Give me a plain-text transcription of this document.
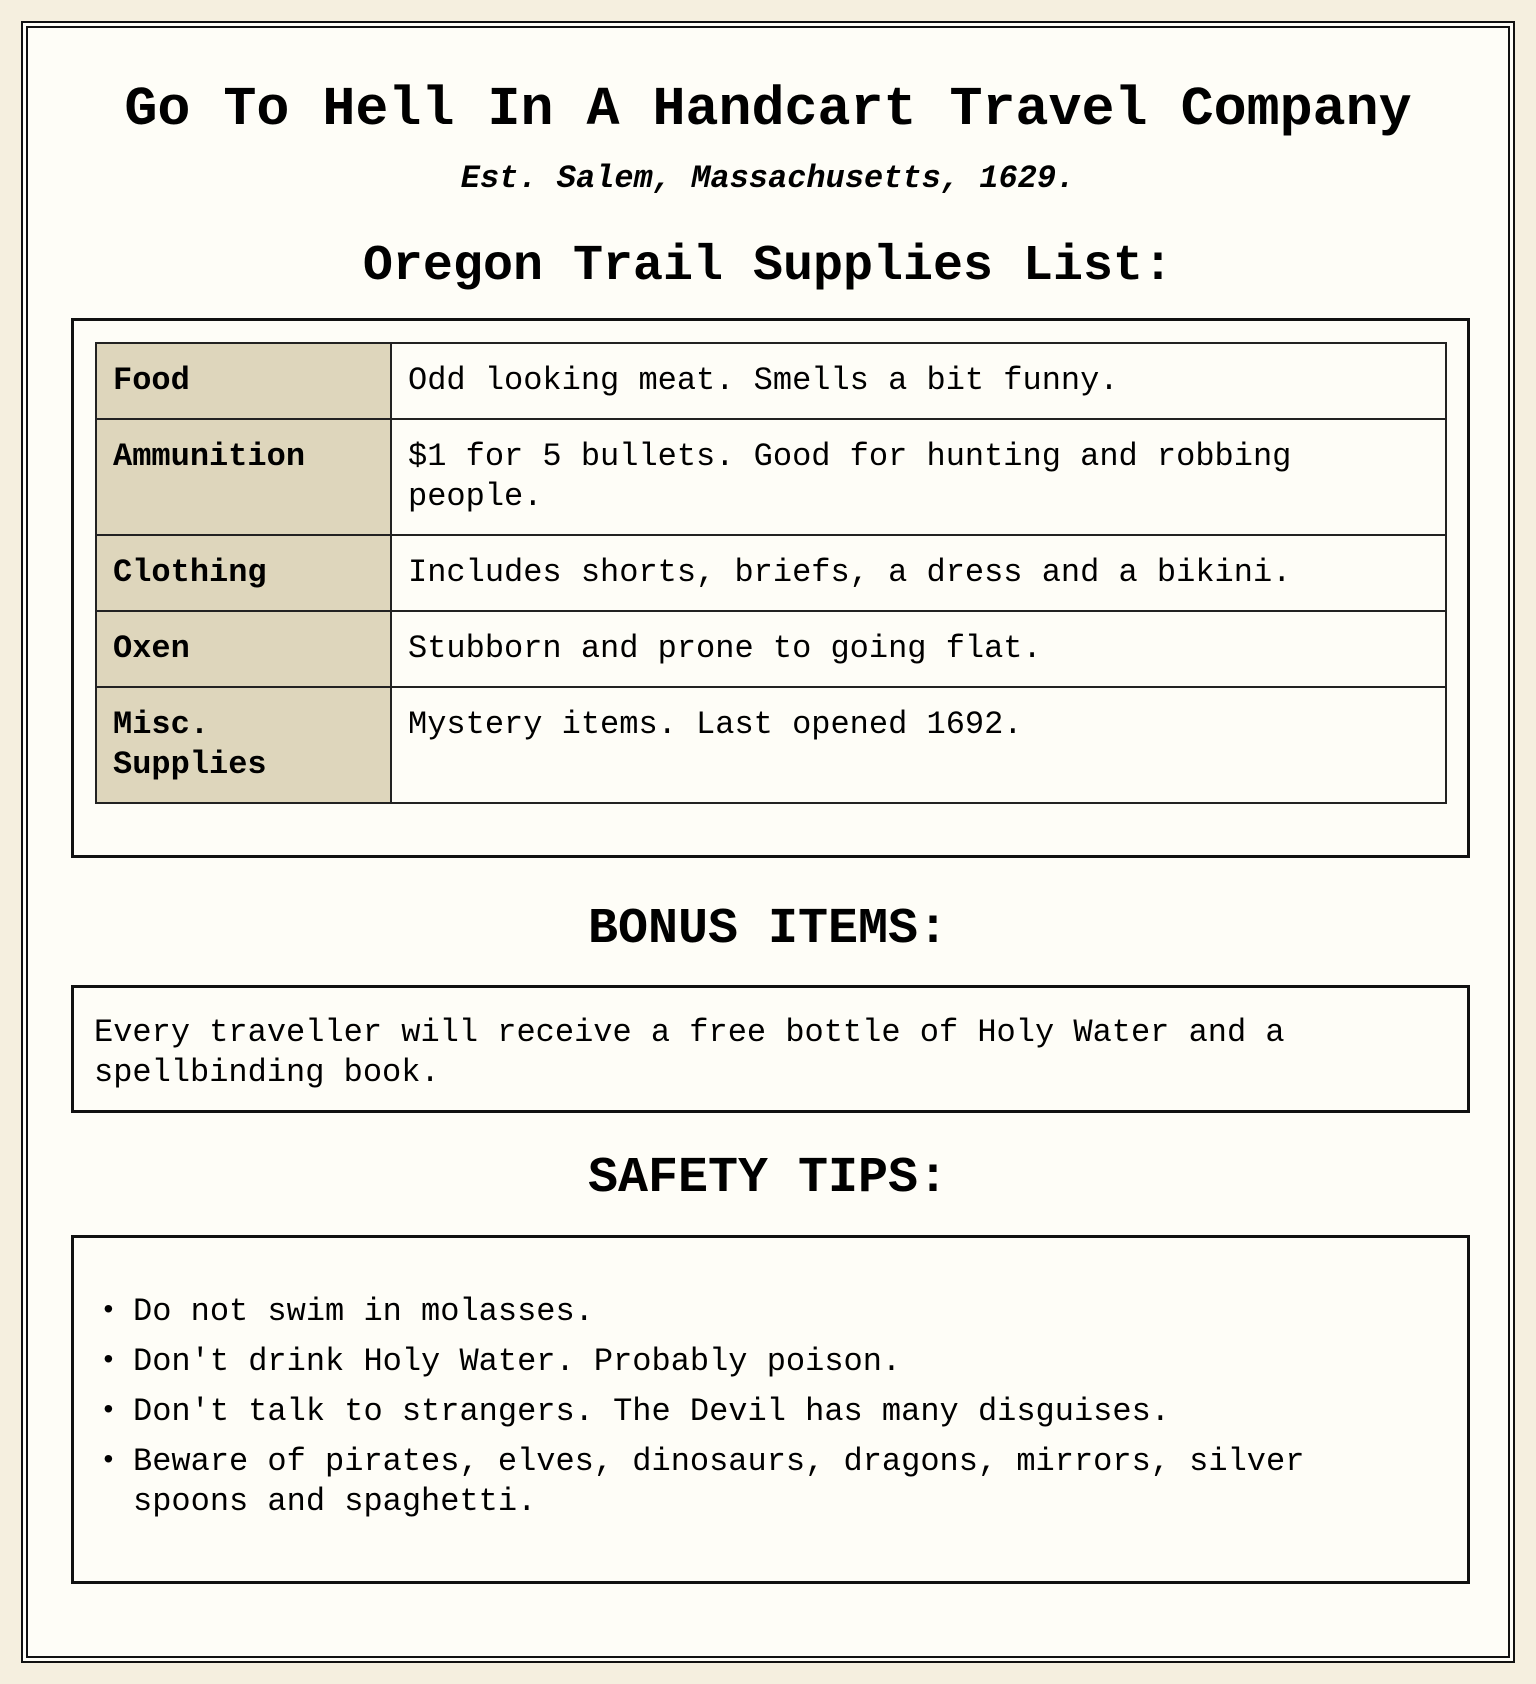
Go To Hell In A Handcart Travel Company
Est. Salem, Massachusetts, 1629.
Oregon Trail Supplies List:
Food	Odd looking meat. Smells a bit funny.
Ammunition	$1 for 5 bullets. Good for hunting and robbing people.
Clothing	Includes shorts, briefs, a dress and a bikini.
Oxen	Stubborn and prone to going flat.
Misc. Supplies	Mystery items. Last opened 1692.
BONUS ITEMS:
Every traveller will receive a free bottle of Holy Water and a spellbinding book.
SAFETY TIPS:
• Do not swim in molasses.
• Don't drink Holy Water. Probably poison.
• Don't talk to strangers. The Devil has many disguises.
• Beware of pirates, elves, dinosaurs, dragons, mirrors, silver spoons and spaghetti.
